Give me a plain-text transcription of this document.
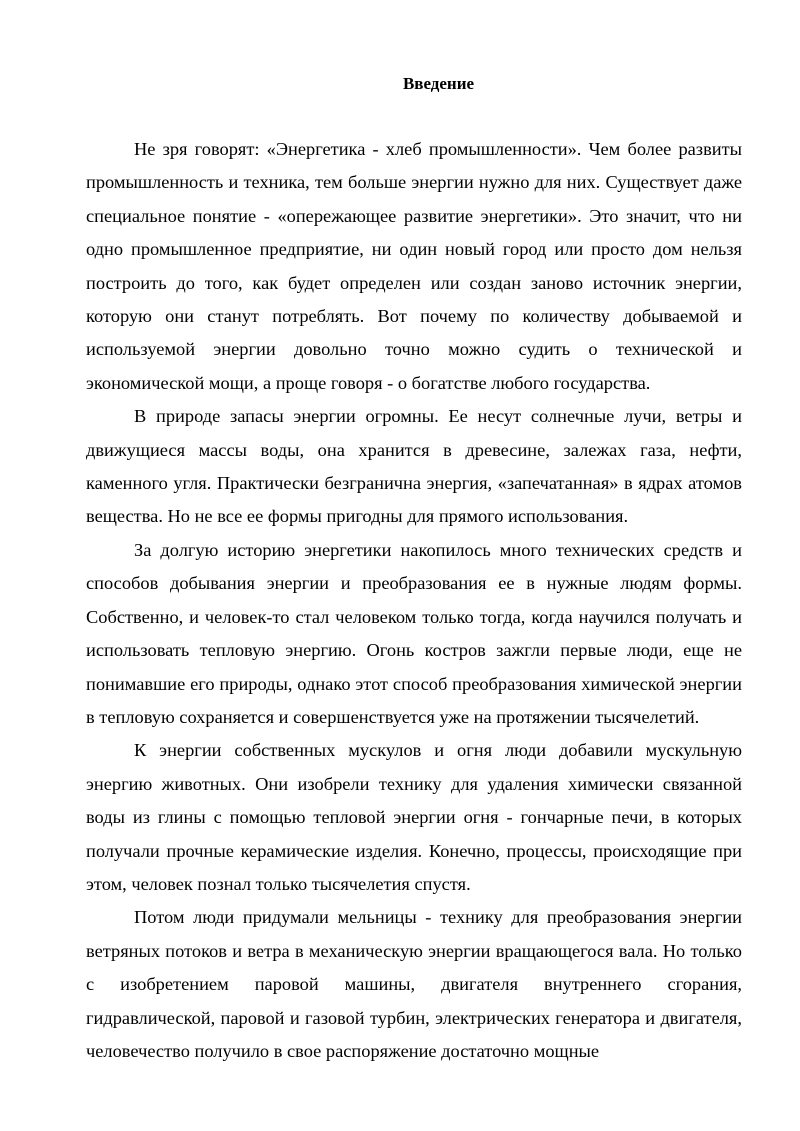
Введение

Не зря говорят: «Энергетика - хлеб промышленности». Чем более развиты промышленность и техника, тем больше энергии нужно для них. Существует даже специальное понятие - «опережающее развитие энергетики». Это значит, что ни одно промышленное предприятие, ни один новый город или просто дом нельзя построить до того, как будет определен или создан заново источник энергии, которую они станут потреблять. Вот почему по количеству добываемой и используемой энергии довольно точно можно судить о технической и экономической мощи, а проще говоря - о богатстве любого государства.

В природе запасы энергии огромны. Ее несут солнечные лучи, ветры и движущиеся массы воды, она хранится в древесине, залежах газа, нефти, каменного угля. Практически безгранична энергия, «запечатанная» в ядрах атомов вещества. Но не все ее формы пригодны для прямого использования.

За долгую историю энергетики накопилось много технических средств и способов добывания энергии и преобразования ее в нужные людям формы. Собственно, и человек-то стал человеком только тогда, когда научился получать и использовать тепловую энергию. Огонь костров зажгли первые люди, еще не понимавшие его природы, однако этот способ преобразования химической энергии в тепловую сохраняется и совершенствуется уже на протяжении тысячелетий.

К энергии собственных мускулов и огня люди добавили мускульную энергию животных. Они изобрели технику для удаления химически связанной воды из глины с помощью тепловой энергии огня - гончарные печи, в которых получали прочные керамические изделия. Конечно, процессы, происходящие при этом, человек познал только тысячелетия спустя.

Потом люди придумали мельницы - технику для преобразования энергии ветряных потоков и ветра в механическую энергии вращающегося вала. Но только с изобретением паровой машины, двигателя внутреннего сгорания, гидравлической, паровой и газовой турбин, электрических генератора и двигателя, человечество получило в свое распоряжение достаточно мощные
